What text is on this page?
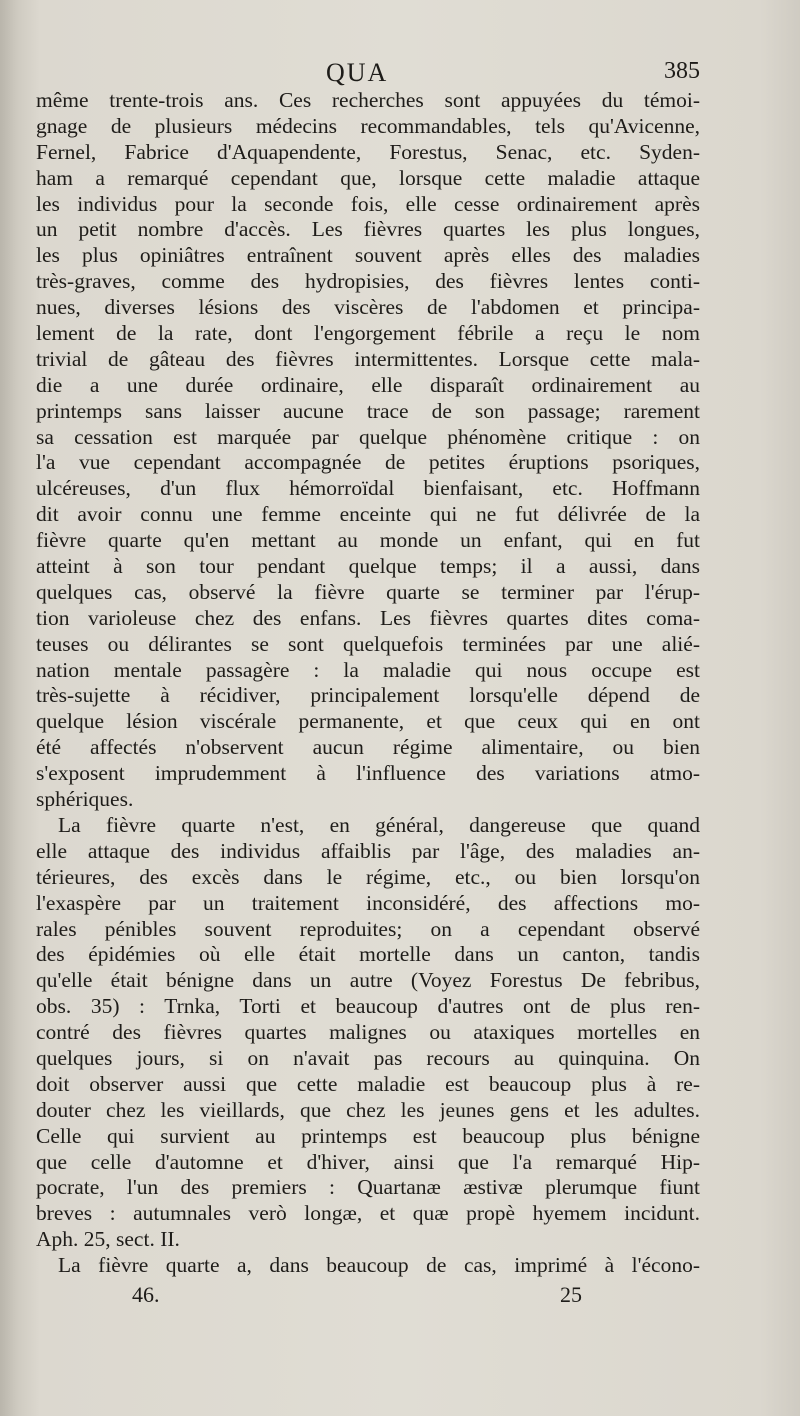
QUA	385
même trente-trois ans. Ces recherches sont appuyées du témoi-
gnage de plusieurs médecins recommandables, tels qu'Avicenne,
Fernel, Fabrice d'Aquapendente, Forestus, Senac, etc. Syden-
ham a remarqué cependant que, lorsque cette maladie attaque
les individus pour la seconde fois, elle cesse ordinairement après
un petit nombre d'accès. Les fièvres quartes les plus longues,
les plus opiniâtres entraînent souvent après elles des maladies
très-graves, comme des hydropisies, des fièvres lentes conti-
nues, diverses lésions des viscères de l'abdomen et principa-
lement de la rate, dont l'engorgement fébrile a reçu le nom
trivial de gâteau des fièvres intermittentes. Lorsque cette mala-
die a une durée ordinaire, elle disparaît ordinairement au
printemps sans laisser aucune trace de son passage; rarement
sa cessation est marquée par quelque phénomène critique : on
l'a vue cependant accompagnée de petites éruptions psoriques,
ulcéreuses, d'un flux hémorroïdal bienfaisant, etc. Hoffmann
dit avoir connu une femme enceinte qui ne fut délivrée de la
fièvre quarte qu'en mettant au monde un enfant, qui en fut
atteint à son tour pendant quelque temps; il a aussi, dans
quelques cas, observé la fièvre quarte se terminer par l'érup-
tion varioleuse chez des enfans. Les fièvres quartes dites coma-
teuses ou délirantes se sont quelquefois terminées par une alié-
nation mentale passagère : la maladie qui nous occupe est
très-sujette à récidiver, principalement lorsqu'elle dépend de
quelque lésion viscérale permanente, et que ceux qui en ont
été affectés n'observent aucun régime alimentaire, ou bien
s'exposent imprudemment à l'influence des variations atmo-
sphériques.
La fièvre quarte n'est, en général, dangereuse que quand
elle attaque des individus affaiblis par l'âge, des maladies an-
térieures, des excès dans le régime, etc., ou bien lorsqu'on
l'exaspère par un traitement inconsidéré, des affections mo-
rales pénibles souvent reproduites; on a cependant observé
des épidémies où elle était mortelle dans un canton, tandis
qu'elle était bénigne dans un autre (Voyez Forestus De febribus,
obs. 35) : Trnka, Torti et beaucoup d'autres ont de plus ren-
contré des fièvres quartes malignes ou ataxiques mortelles en
quelques jours, si on n'avait pas recours au quinquina. On
doit observer aussi que cette maladie est beaucoup plus à re-
douter chez les vieillards, que chez les jeunes gens et les adultes.
Celle qui survient au printemps est beaucoup plus bénigne
que celle d'automne et d'hiver, ainsi que l'a remarqué Hip-
pocrate, l'un des premiers : Quartanæ æstivæ plerumque fiunt
breves : autumnales verò longæ, et quæ propè hyemem incidunt.
Aph. 25, sect. II.
La fièvre quarte a, dans beaucoup de cas, imprimé à l'écono-
46.	25
